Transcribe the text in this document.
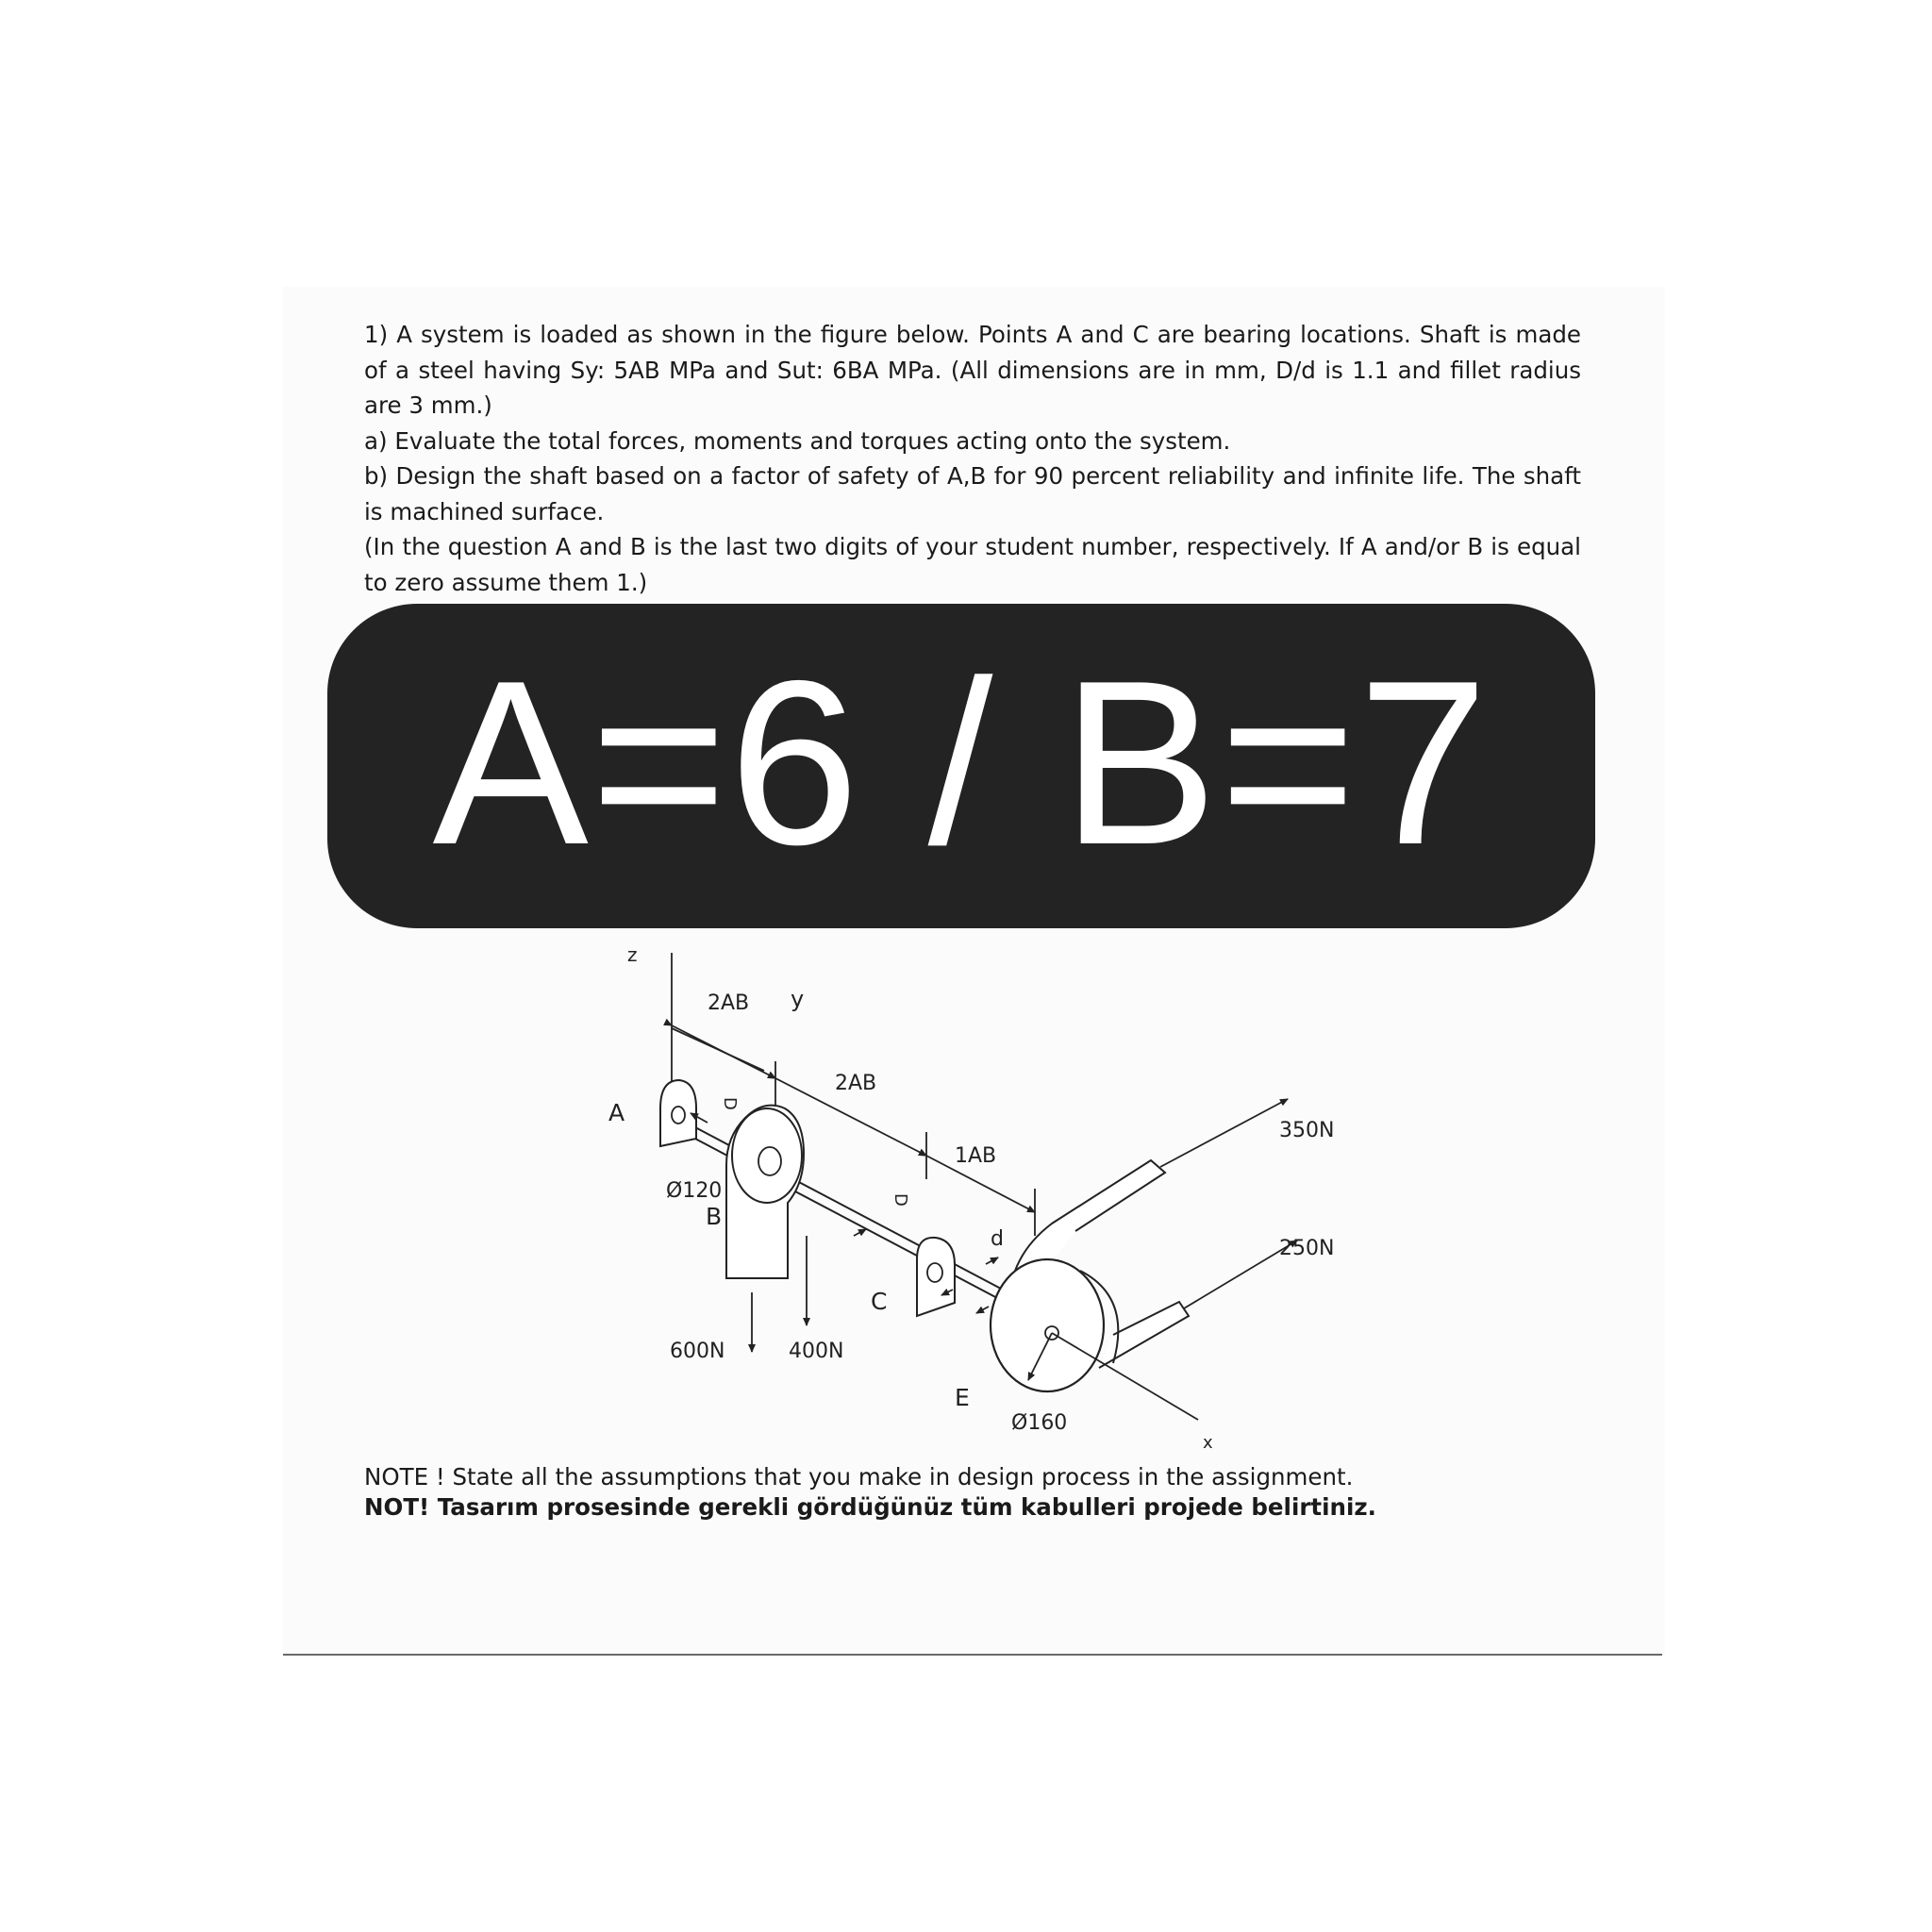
1) A system is loaded as shown in the figure below. Points A and C are bearing locations. Shaft is made of a steel having Sy: 5AB MPa and Sut: 6BA MPa. (All dimensions are in mm, D/d is 1.1 and fillet radius are 3 mm.)

a) Evaluate the total forces, moments and torques acting onto the system.

b) Design the shaft based on a factor of safety of A,B for 90 percent reliability and infinite life. The shaft is machined surface.

(In the question A and B is the last two digits of your student number, respectively. If A and/or B is equal to zero assume them 1.)

z
y
x
2AB
2AB
1AB
A
B
C
E
D
D
d
Ø120
Ø160
600N	400N
350N
250N
A=6 / B=7
NOTE ! State all the assumptions that you make in design process in the assignment.
NOT! Tasarım prosesinde gerekli gördüğünüz tüm kabulleri projede belirtiniz.
